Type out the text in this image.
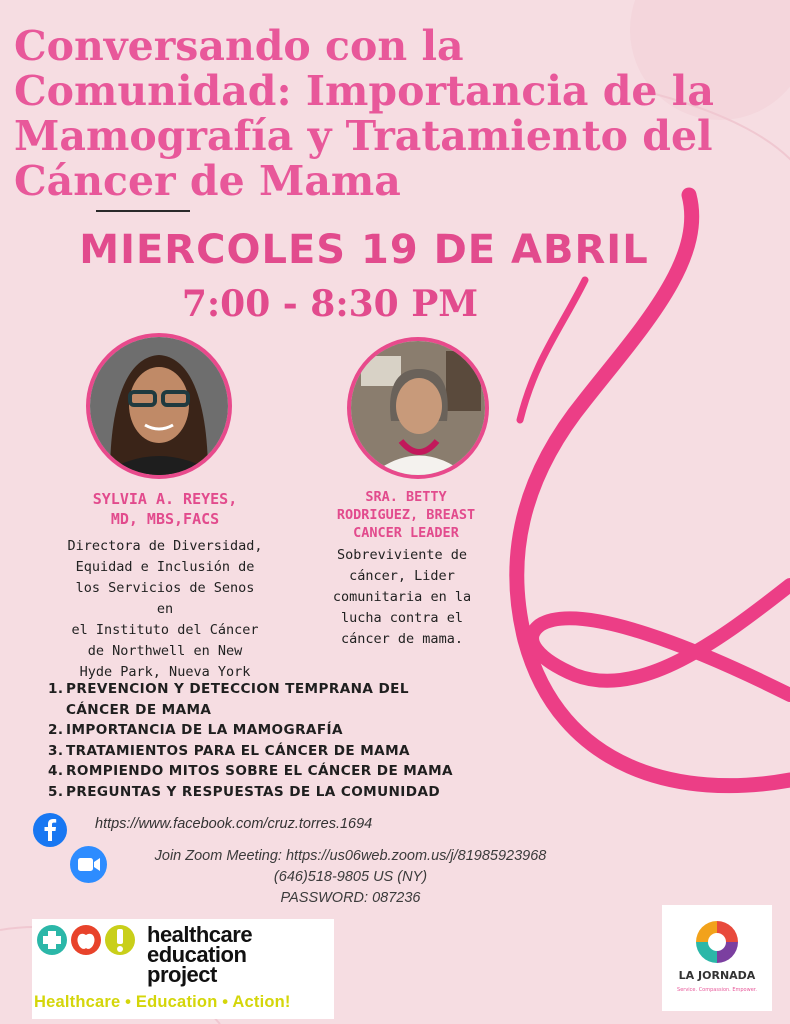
Conversando con la
Comunidad: Importancia de la
Mamografía y Tratamiento del
Cáncer de Mama
MIERCOLES 19 DE ABRIL
7:00 - 8:30 PM
SYLVIA A. REYES,
MD, MBS,FACS
Directora de Diversidad,
Equidad e Inclusión de
los Servicios de Senos en
el Instituto del Cáncer
de Northwell en New
Hyde Park, Nueva York
SRA. BETTY
RODRIGUEZ, BREAST
CANCER LEADER
Sobreviviente de
cáncer, Lider
comunitaria en la
lucha contra el
cáncer de mama.
1. PREVENCION Y DETECCION TEMPRANA DEL
CÁNCER DE MAMA
2. IMPORTANCIA DE LA MAMOGRAFÍA
3. TRATAMIENTOS PARA EL CÁNCER DE MAMA
4. ROMPIENDO MITOS SOBRE EL CÁNCER DE MAMA
5. PREGUNTAS Y RESPUESTAS DE LA COMUNIDAD
https://www.facebook.com/cruz.torres.1694
Join Zoom Meeting: https://us06web.zoom.us/j/81985923968
(646)518-9805 US (NY)
PASSWORD: 087236
healthcare
education
project
Healthcare • Education • Action!
LA JORNADA
Service. Compassion. Empower.
